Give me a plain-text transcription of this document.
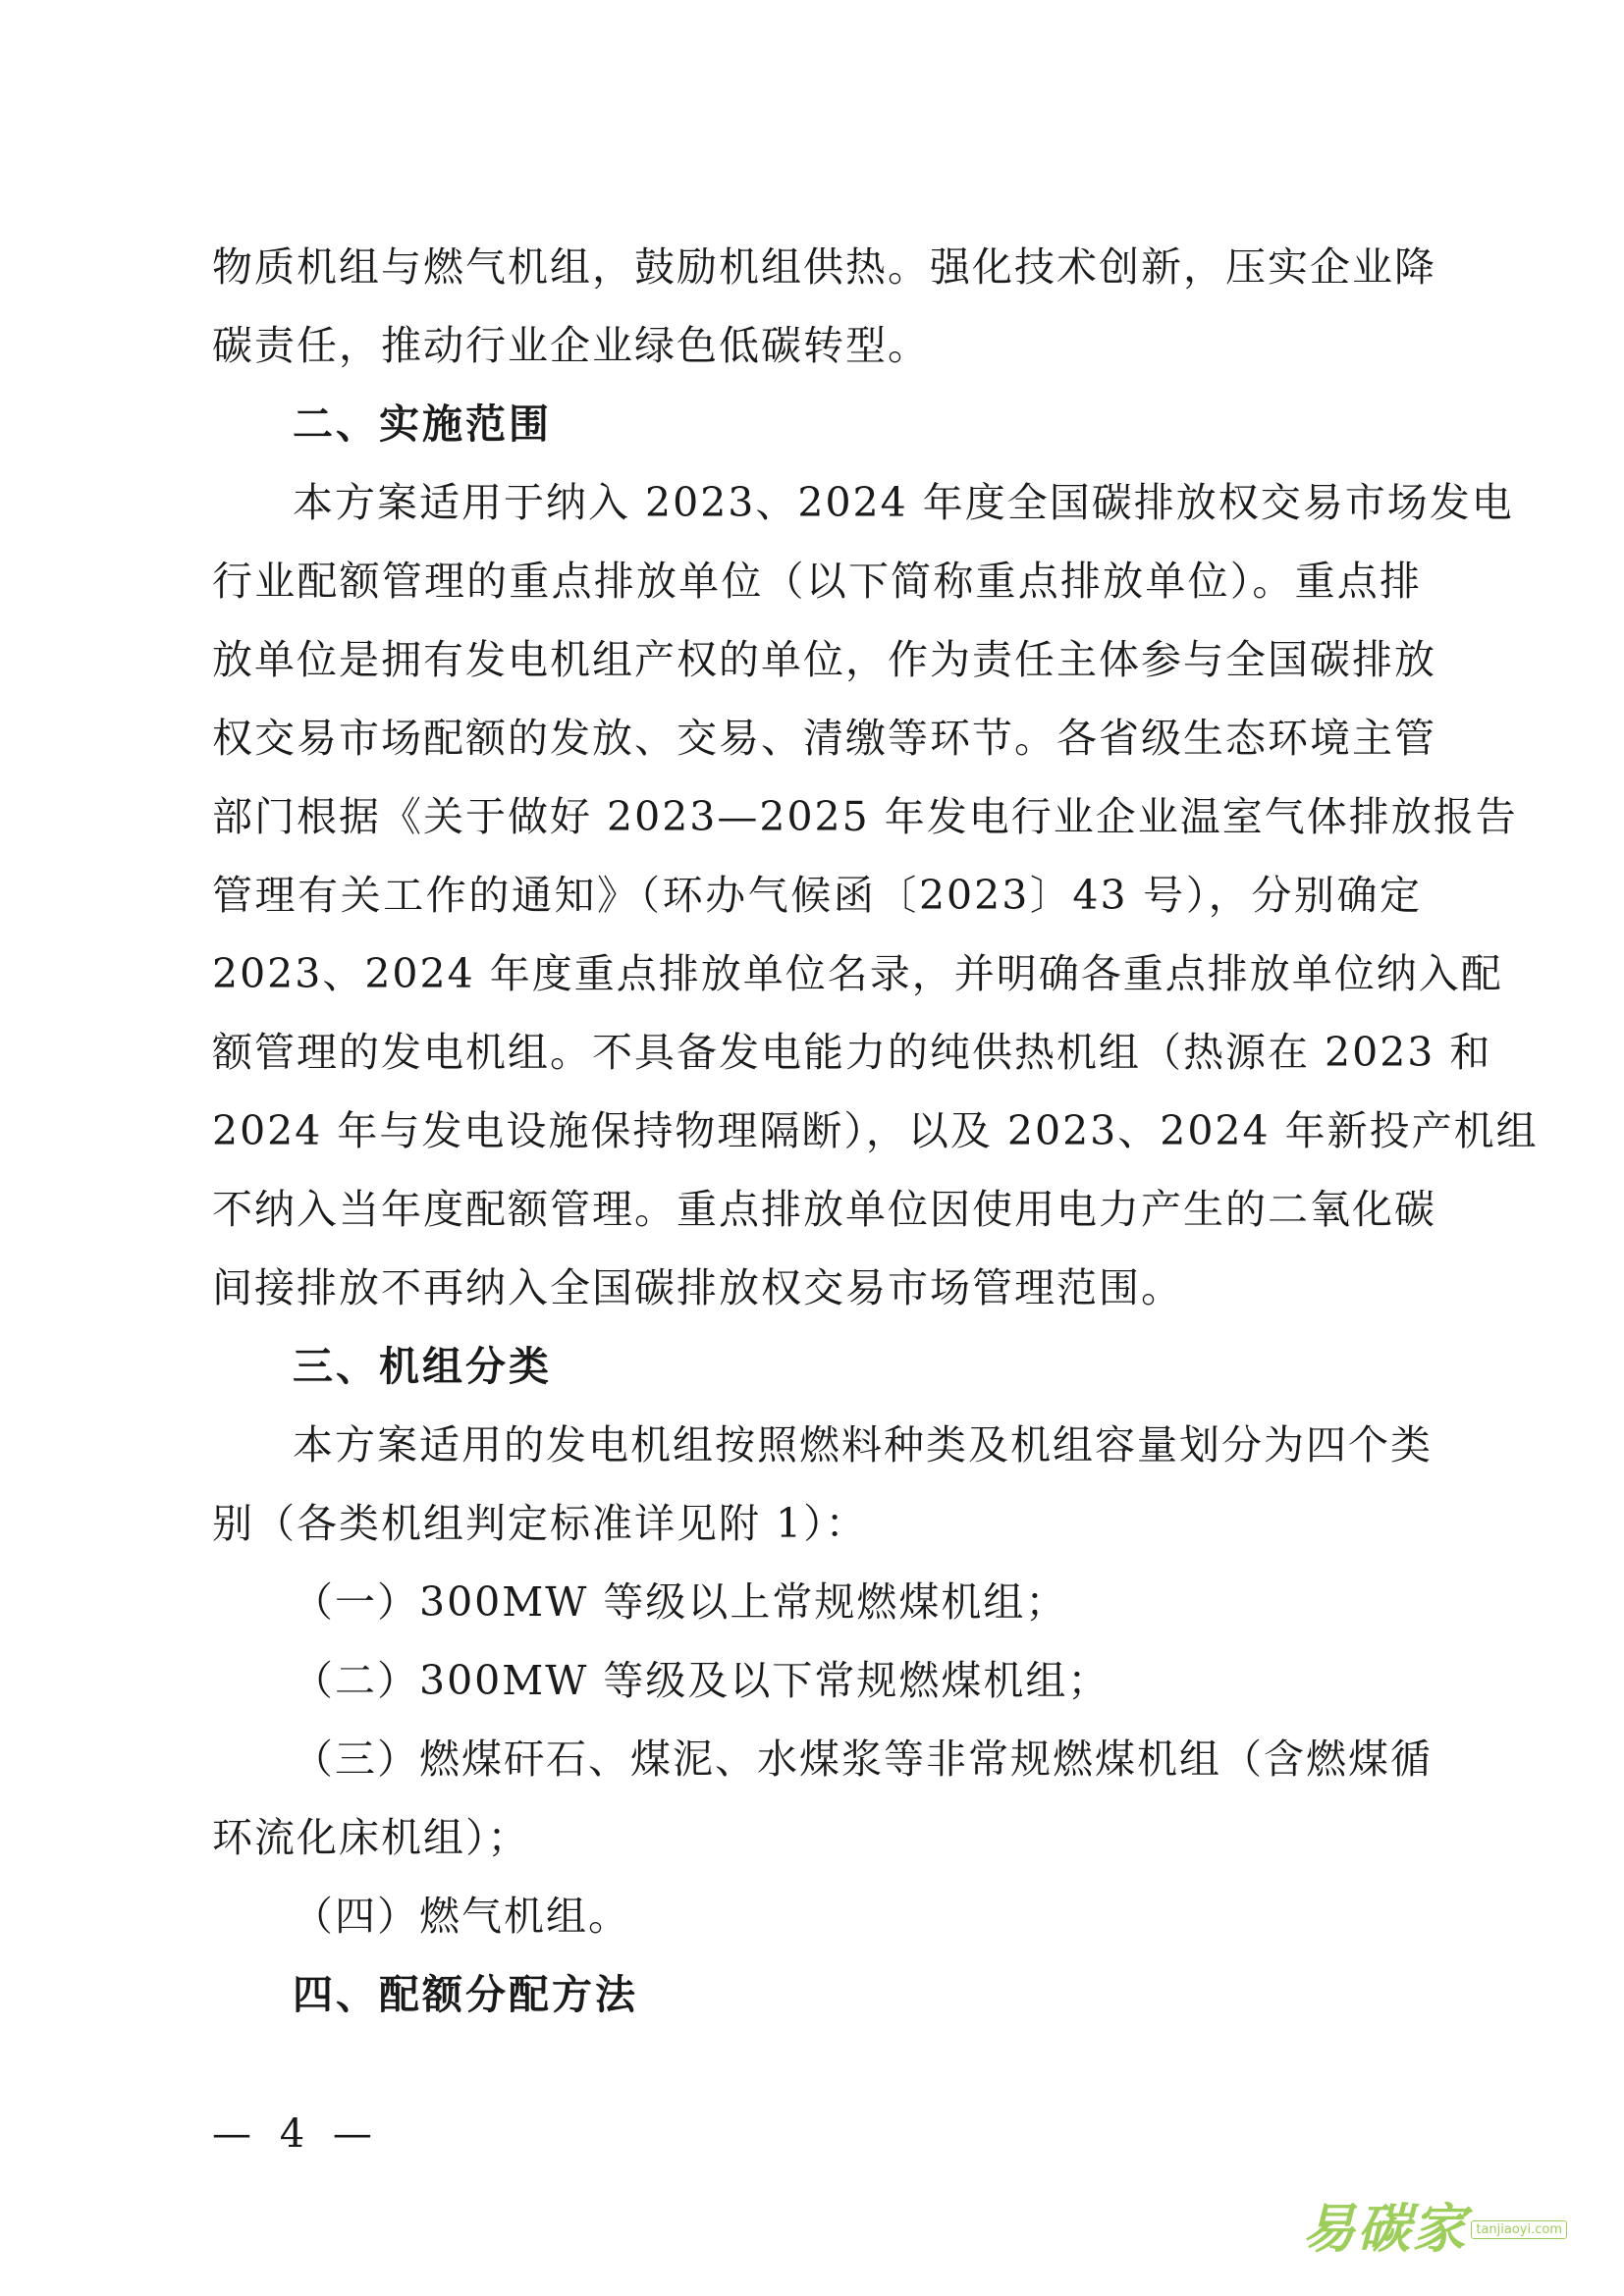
物质机组与燃气机组，鼓励机组供热。强化技术创新，压实企业降
碳责任，推动行业企业绿色低碳转型。
二、实施范围
本方案适用于纳入 2023、2024 年度全国碳排放权交易市场发电
行业配额管理的重点排放单位（以下简称重点排放单位）。重点排
放单位是拥有发电机组产权的单位，作为责任主体参与全国碳排放
权交易市场配额的发放、交易、清缴等环节。各省级生态环境主管
部门根据《关于做好 2023—2025 年发电行业企业温室气体排放报告
管理有关工作的通知》（环办气候函〔2023〕43 号），分别确定
2023、2024 年度重点排放单位名录，并明确各重点排放单位纳入配
额管理的发电机组。不具备发电能力的纯供热机组（热源在 2023 和
2024 年与发电设施保持物理隔断），以及 2023、2024 年新投产机组
不纳入当年度配额管理。重点排放单位因使用电力产生的二氧化碳
间接排放不再纳入全国碳排放权交易市场管理范围。
三、机组分类
本方案适用的发电机组按照燃料种类及机组容量划分为四个类
别（各类机组判定标准详见附 1）：
（一）300MW 等级以上常规燃煤机组；
（二）300MW 等级及以下常规燃煤机组；
（三）燃煤矸石、煤泥、水煤浆等非常规燃煤机组（含燃煤循
环流化床机组）；
（四）燃气机组。
四、配额分配方法
— 4 —
易碳家 tanjiaoyi.com
